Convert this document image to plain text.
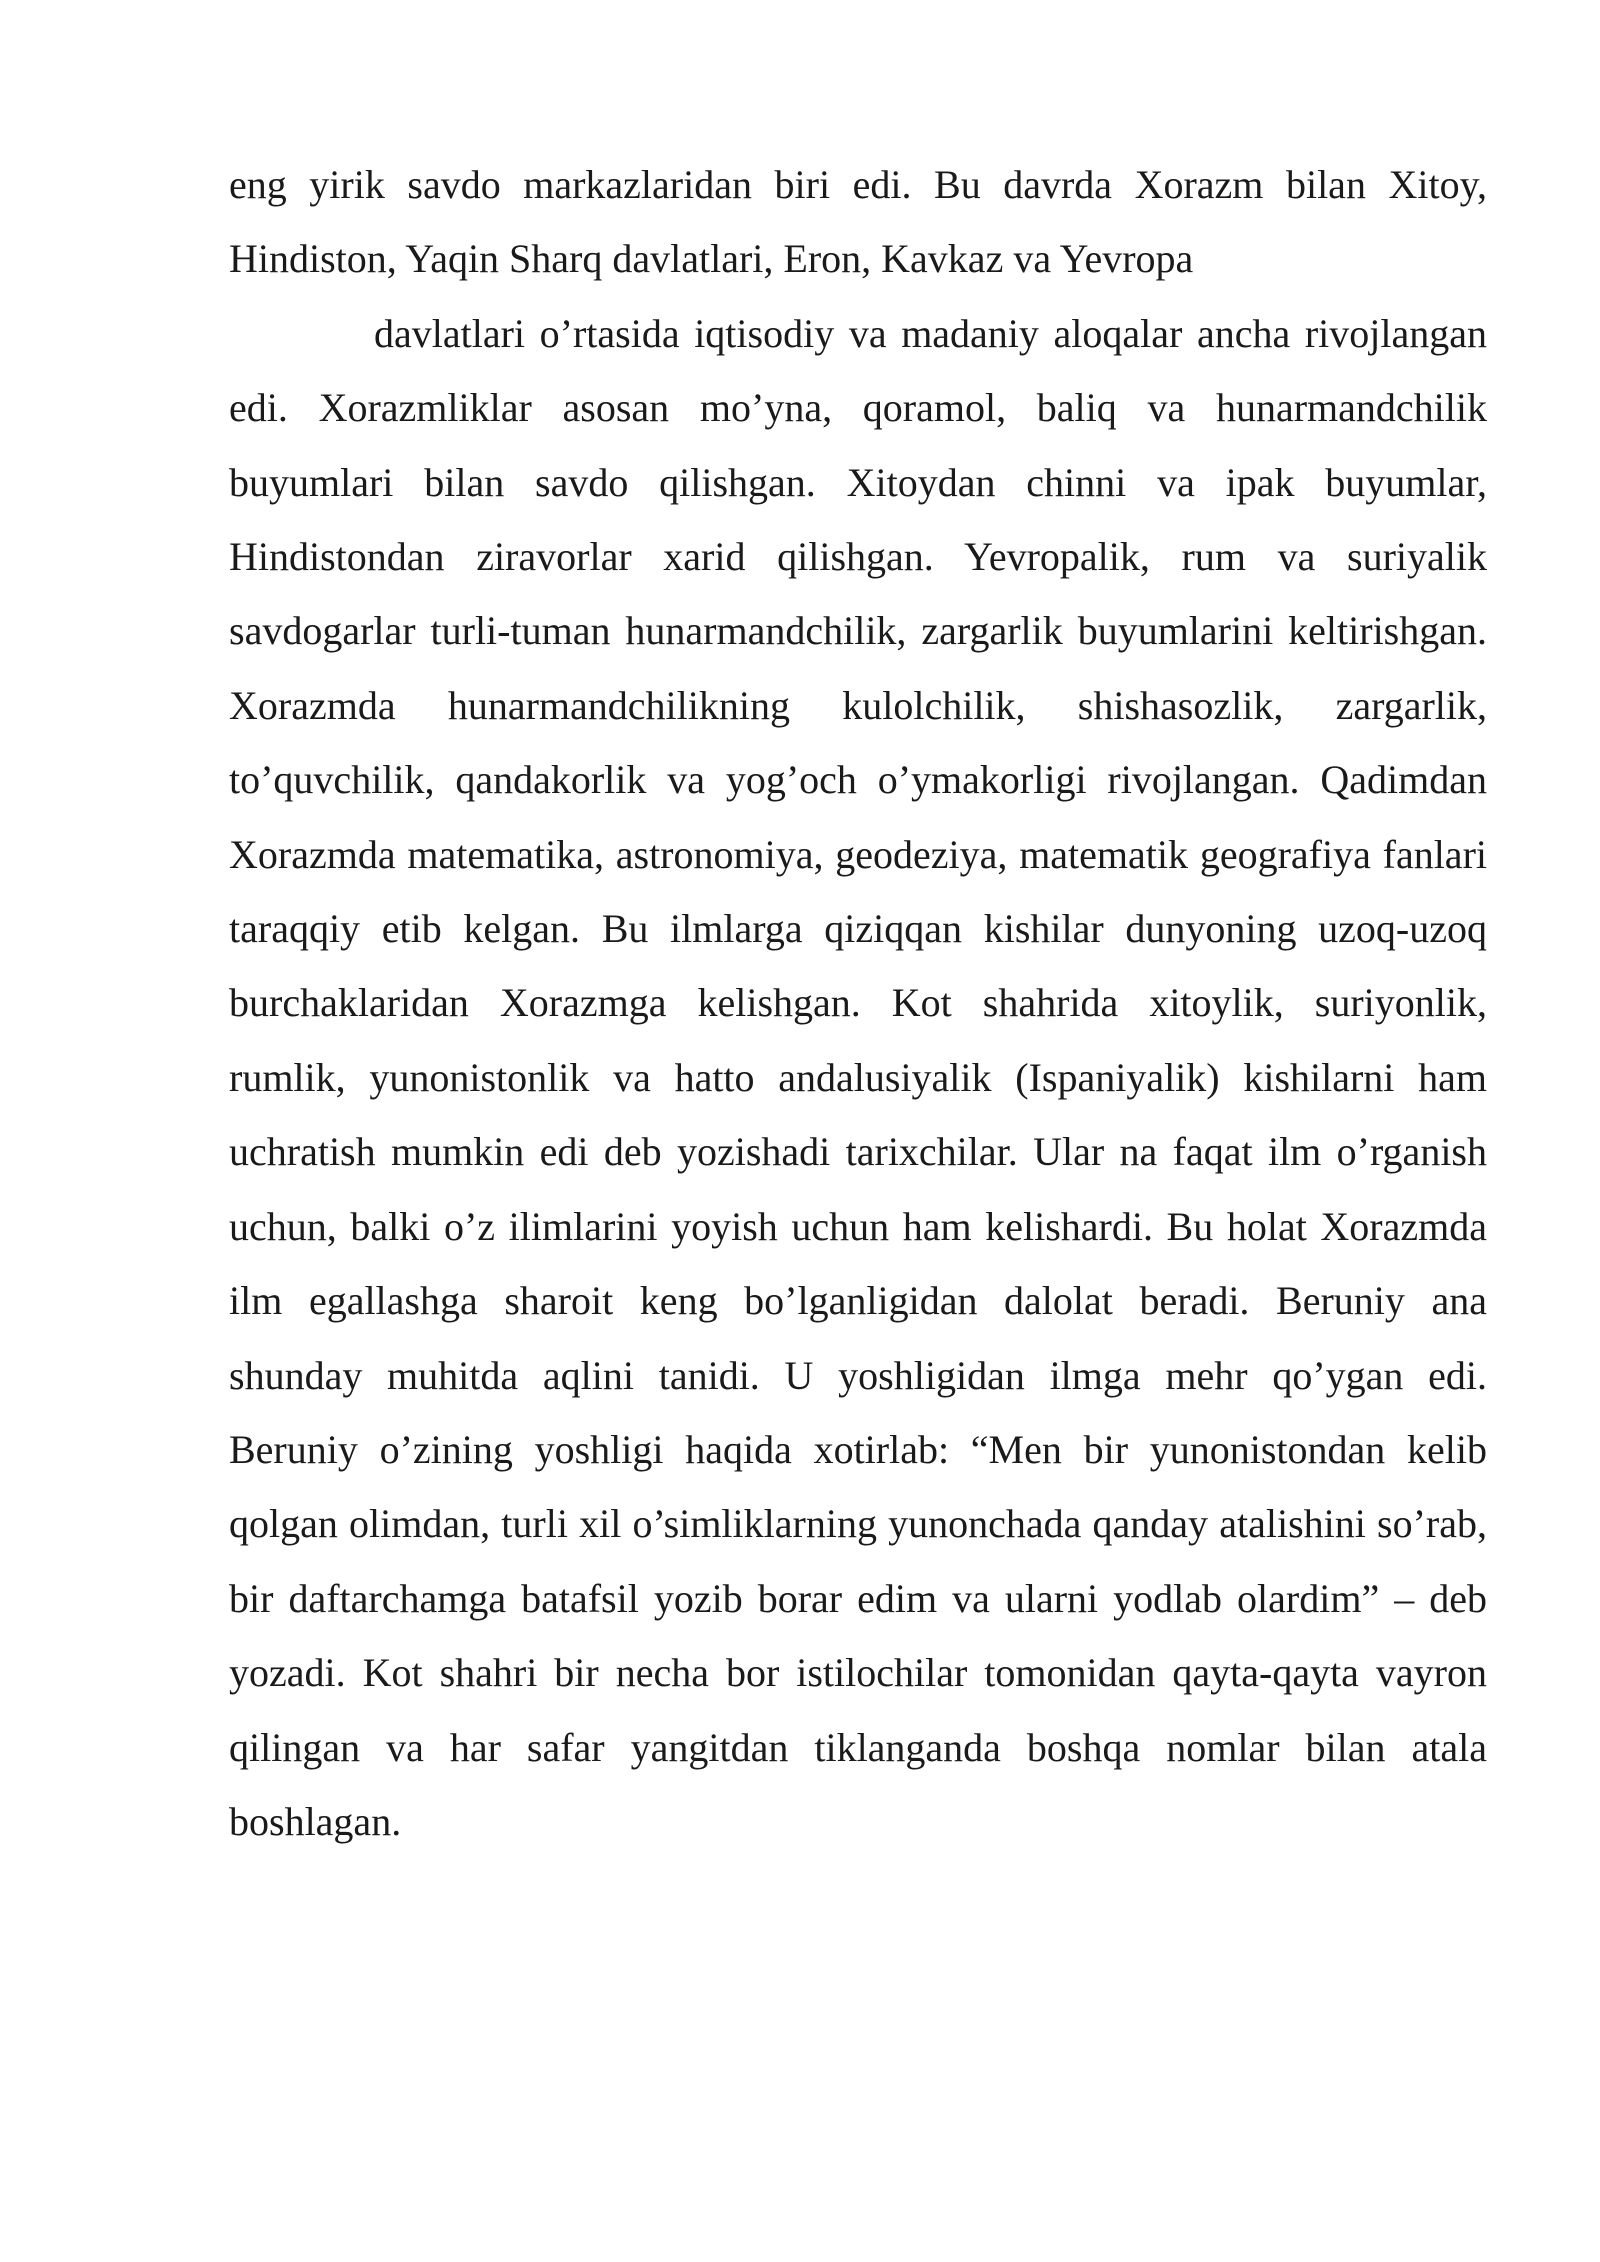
eng yirik savdo markazlaridan biri edi. Bu davrda Xorazm bilan Xitoy, Hindiston, Yaqin Sharq davlatlari, Eron, Kavkaz va Yevropa

davlatlari o’rtasida iqtisodiy va madaniy aloqalar ancha rivojlangan edi. Xorazmliklar asosan mo’yna, qoramol, baliq va hunarmandchilik buyumlari bilan savdo qilishgan. Xitoydan chinni va ipak buyumlar, Hindistondan ziravorlar xarid qilishgan. Yevropalik, rum va suriyalik savdogarlar turli-tuman hunarmandchilik, zargarlik buyumlarini keltirishgan. Xorazmda hunarmandchilikning kulolchilik, shishasozlik, zargarlik, to’quvchilik, qandakorlik va yog’och o’ymakorligi rivojlangan. Qadimdan Xorazmda matematika, astronomiya, geodeziya, matematik geografiya fanlari taraqqiy etib kelgan. Bu ilmlarga qiziqqan kishilar dunyoning uzoq-uzoq burchaklaridan Xorazmga kelishgan. Kot shahrida xitoylik, suriyonlik, rumlik, yunonistonlik va hatto andalusiyalik (Ispaniyalik) kishilarni ham uchratish mumkin edi deb yozishadi tarixchilar. Ular na faqat ilm o’rganish uchun, balki o’z ilimlarini yoyish uchun ham kelishardi. Bu holat Xorazmda ilm egallashga sharoit keng bo’lganligidan dalolat beradi. Beruniy ana shunday muhitda aqlini tanidi. U yoshligidan ilmga mehr qo’ygan edi. Beruniy o’zining yoshligi haqida xotirlab: “Men bir yunonistondan kelib qolgan olimdan, turli xil o’simliklarning yunonchada qanday atalishini so’rab, bir daftarchamga batafsil yozib borar edim va ularni yodlab olardim” – deb yozadi. Kot shahri bir necha bor istilochilar tomonidan qayta-qayta vayron qilingan va har safar yangitdan tiklanganda boshqa nomlar bilan atala boshlagan.
